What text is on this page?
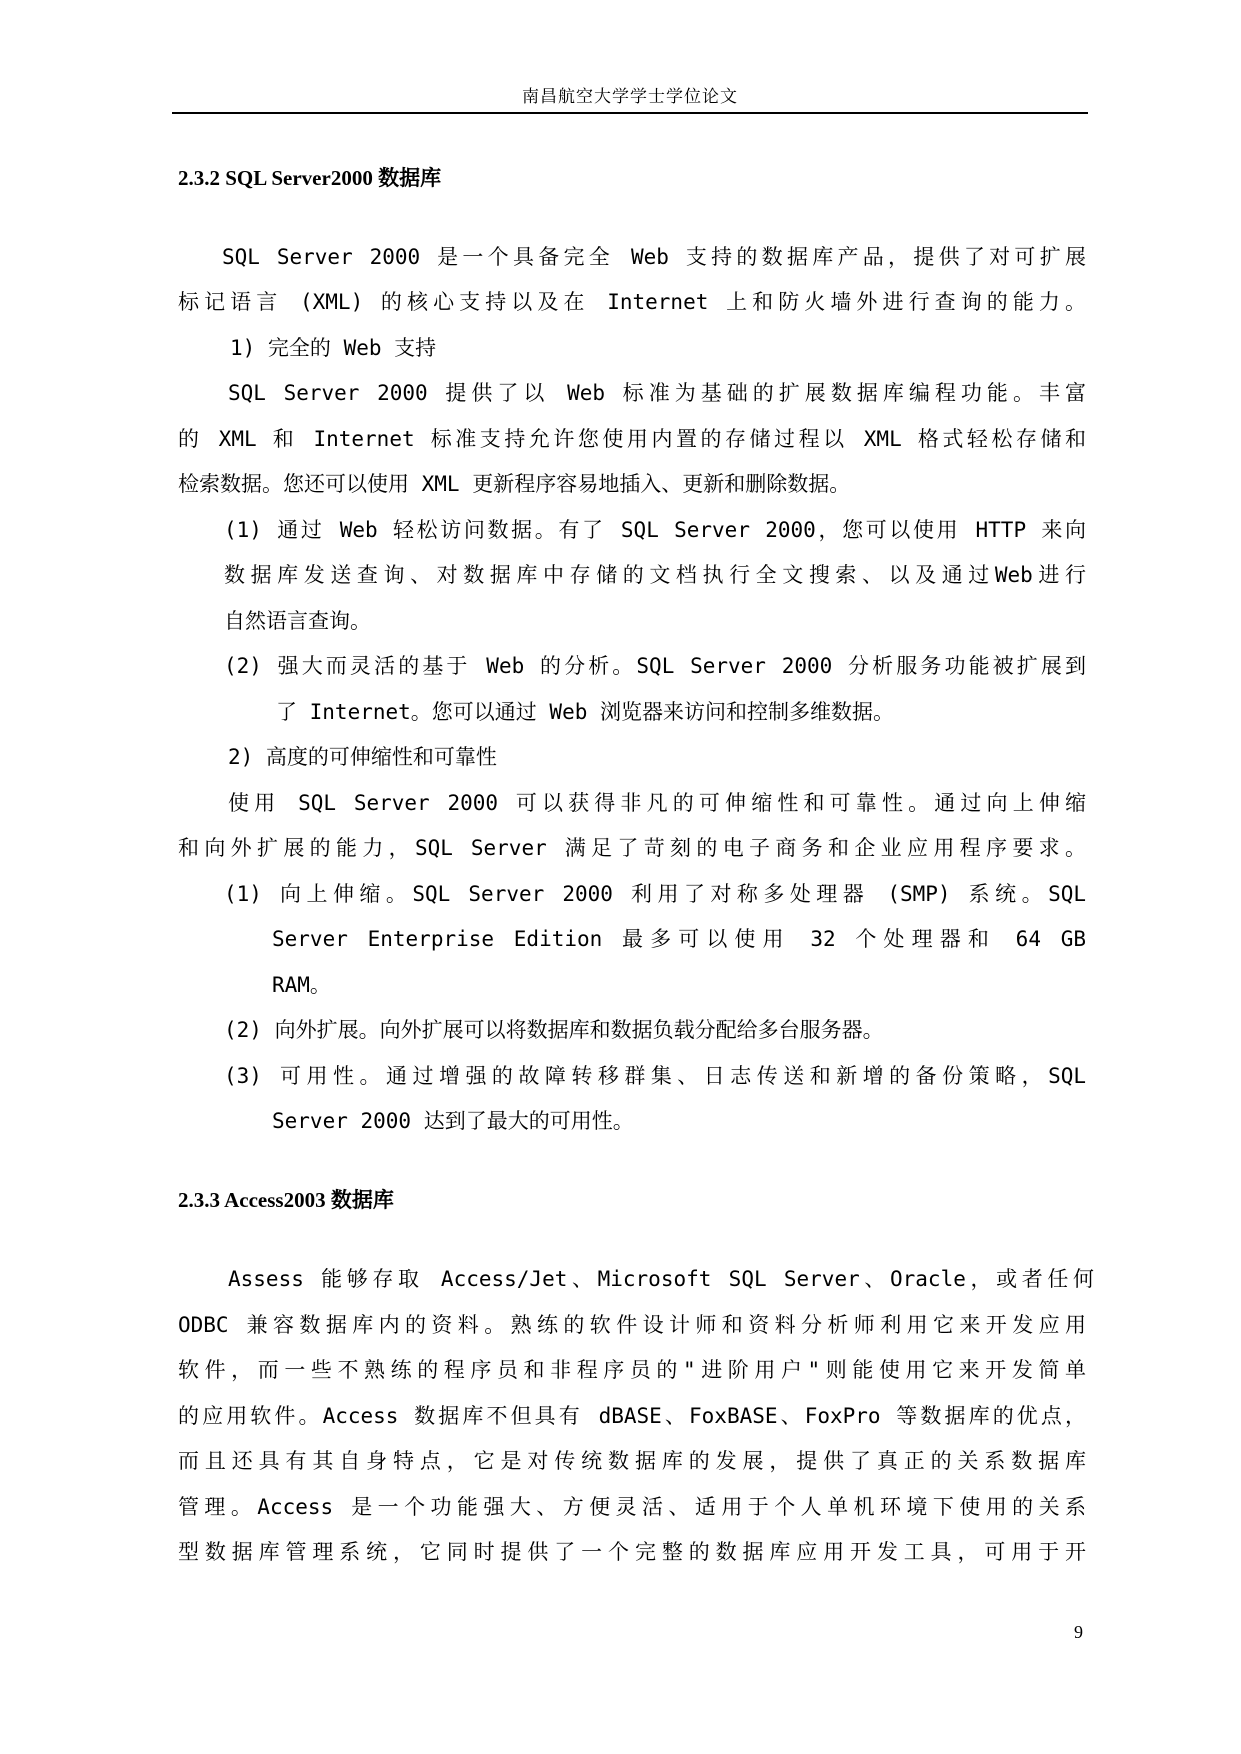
南昌航空大学学士学位论文
2.3.2 SQL Server2000 数据库
SQL Server 2000 是一个具备完全 Web 支持的数据库产品，提供了对可扩展
标记语言 (XML) 的核心支持以及在 Internet 上和防火墙外进行查询的能力。
1) 完全的 Web 支持
SQL Server 2000 提供了以 Web 标准为基础的扩展数据库编程功能。丰富
的 XML 和 Internet 标准支持允许您使用内置的存储过程以 XML 格式轻松存储和
检索数据。您还可以使用 XML 更新程序容易地插入、更新和删除数据。
(1) 通过 Web 轻松访问数据。有了 SQL Server 2000，您可以使用 HTTP 来向
数据库发送查询、对数据库中存储的文档执行全文搜索、以及通过Web进行
自然语言查询。
(2) 强大而灵活的基于 Web 的分析。SQL Server 2000 分析服务功能被扩展到
了 Internet。您可以通过 Web 浏览器来访问和控制多维数据。
2) 高度的可伸缩性和可靠性
使用 SQL Server 2000 可以获得非凡的可伸缩性和可靠性。通过向上伸缩
和向外扩展的能力，SQL Server 满足了苛刻的电子商务和企业应用程序要求。
(1) 向上伸缩。SQL Server 2000 利用了对称多处理器 (SMP) 系统。SQL
Server Enterprise Edition 最多可以使用 32 个处理器和 64 GB
RAM。
(2) 向外扩展。向外扩展可以将数据库和数据负载分配给多台服务器。
(3) 可用性。通过增强的故障转移群集、日志传送和新增的备份策略，SQL
Server 2000 达到了最大的可用性。
2.3.3 Access2003 数据库
Assess 能够存取 Access/Jet、Microsoft SQL Server、Oracle，或者任何
ODBC 兼容数据库内的资料。熟练的软件设计师和资料分析师利用它来开发应用
软件，而一些不熟练的程序员和非程序员的"进阶用户"则能使用它来开发简单
的应用软件。Access 数据库不但具有 dBASE、FoxBASE、FoxPro 等数据库的优点，
而且还具有其自身特点，它是对传统数据库的发展，提供了真正的关系数据库
管理。Access 是一个功能强大、方便灵活、适用于个人单机环境下使用的关系
型数据库管理系统，它同时提供了一个完整的数据库应用开发工具，可用于开
9
